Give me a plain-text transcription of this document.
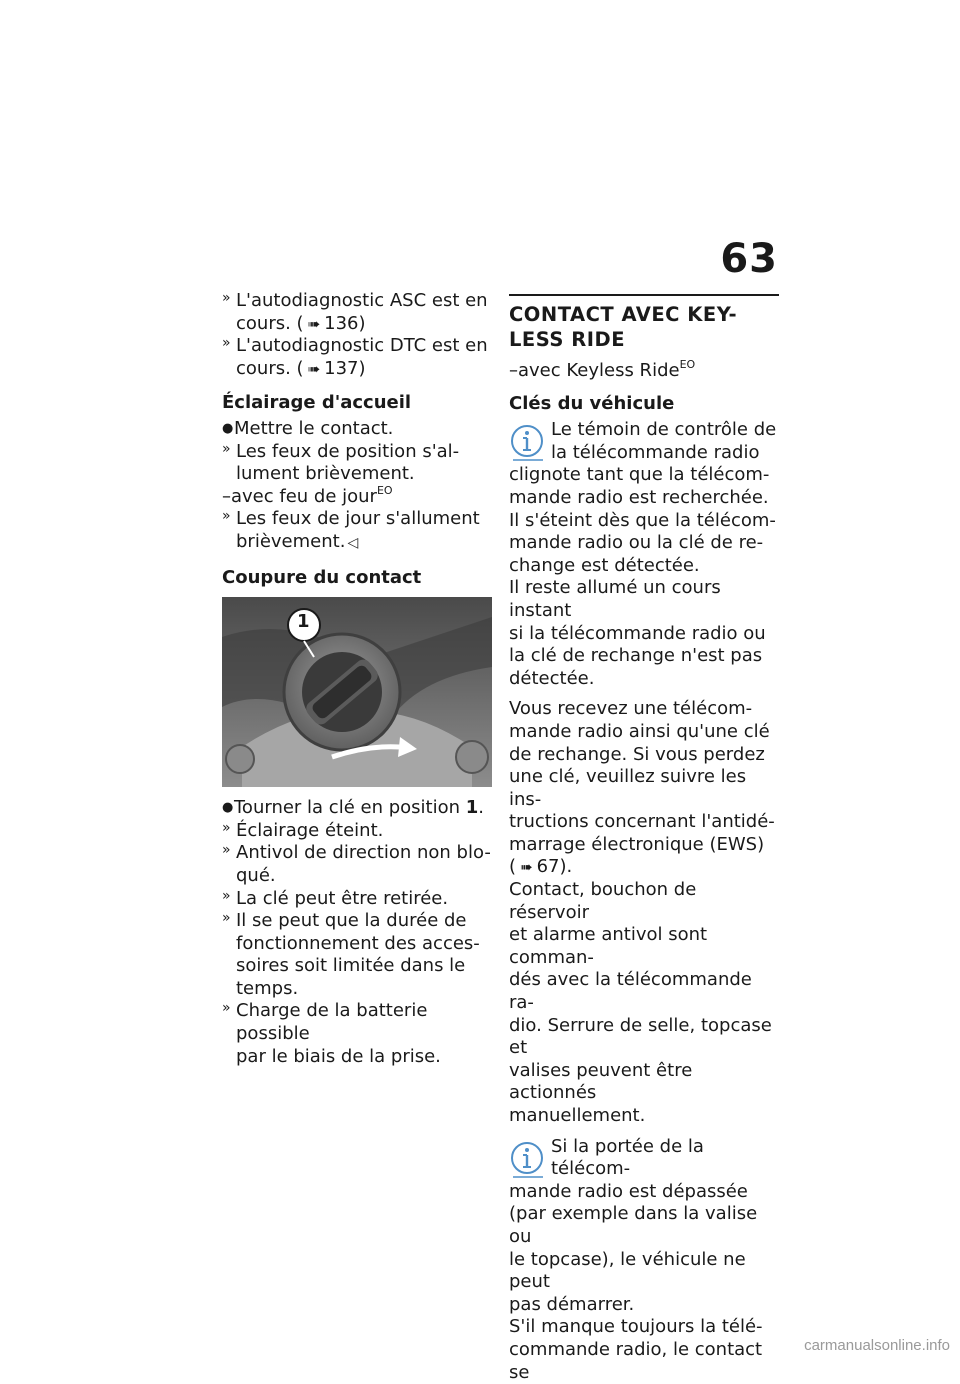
63
» L'autodiagnostic ASC est en
cours. ( ➠ 136)
» L'autodiagnostic DTC est en
cours. ( ➠ 137)
Éclairage d'accueil
● Mettre le contact.
» Les feux de position s'al-
lument brièvement.
–avec feu de jour$^{EO}$
» Les feux de jour s'allument
brièvement. ◁
Coupure du contact
1
● Tourner la clé en position 1.
» Éclairage éteint.
» Antivol de direction non blo-
qué.
» La clé peut être retirée.
» Il se peut que la durée de
fonctionnement des acces-
soires soit limitée dans le
temps.
» Charge de la batterie possible
par le biais de la prise.
CONTACT AVEC KEY-
LESS RIDE
–avec Keyless Ride$^{EO}$
Clés du véhicule
Le témoin de contrôle de
la télécommande radio
clignote tant que la télécom-
mande radio est recherchée.
Il s'éteint dès que la télécom-
mande radio ou la clé de re-
change est détectée.
Il reste allumé un cours instant
si la télécommande radio ou
la clé de rechange n'est pas
détectée.
Vous recevez une télécom-
mande radio ainsi qu'une clé
de rechange. Si vous perdez
une clé, veuillez suivre les ins-
tructions concernant l'antidé-
marrage électronique (EWS)
( ➠ 67).
Contact, bouchon de réservoir
et alarme antivol sont comman-
dés avec la télécommande ra-
dio. Serrure de selle, topcase et
valises peuvent être actionnés
manuellement.
Si la portée de la télécom-
mande radio est dépassée
(par exemple dans la valise ou
le topcase), le véhicule ne peut
pas démarrer.
S'il manque toujours la télé-
commande radio, le contact se
carmanualsonline.info
